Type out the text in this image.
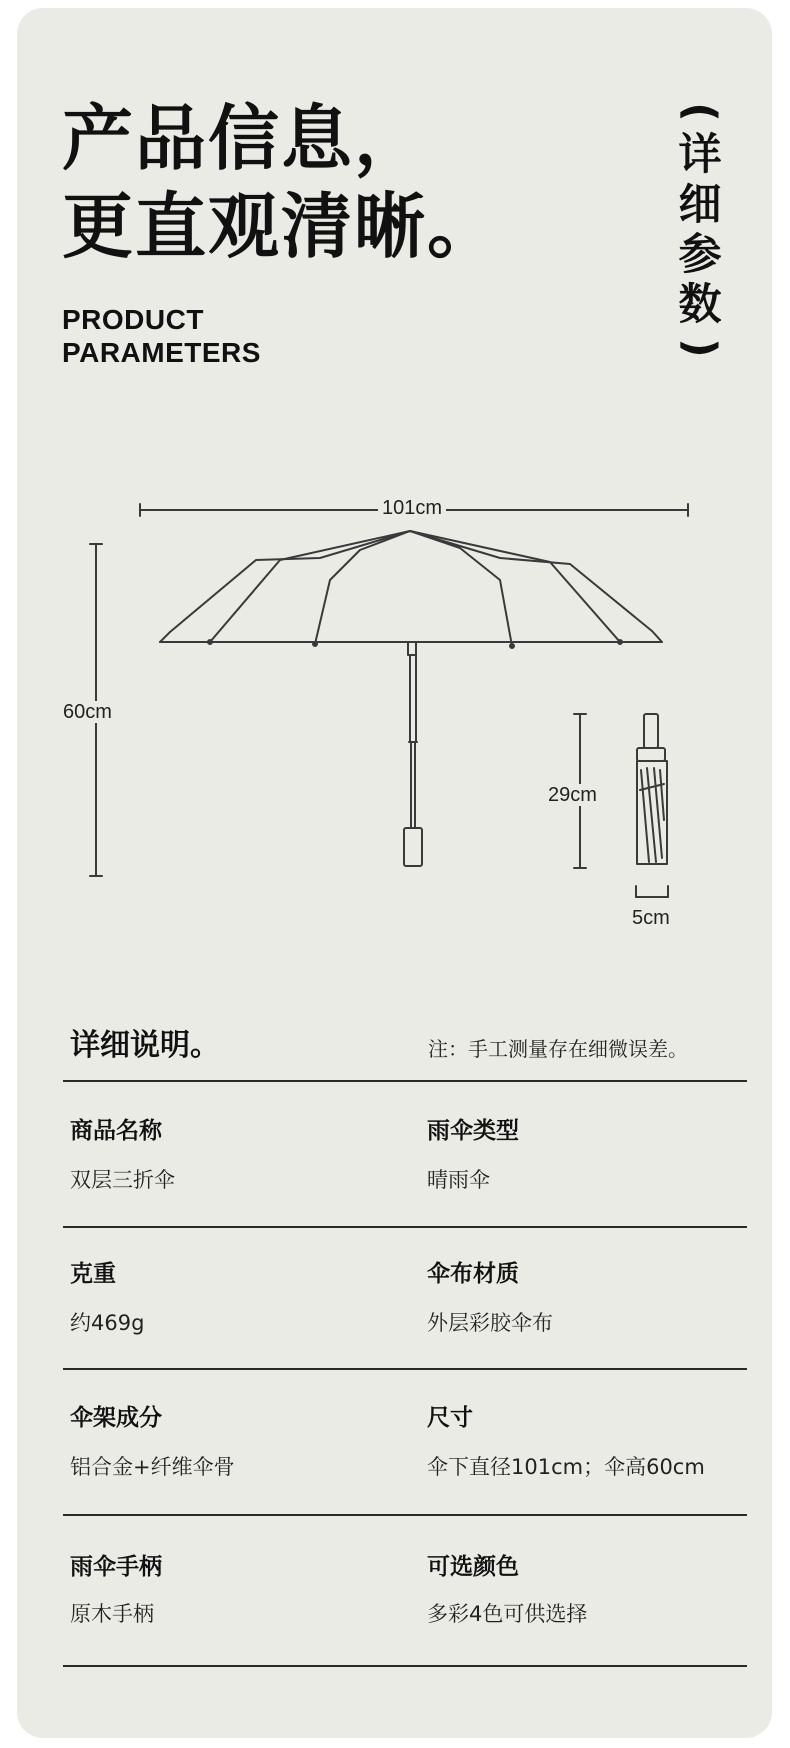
产品信息，
更直观清晰。
(
详
细
参
数
)
PRODUCT
PARAMETERS
101cm
60cm
29cm
5cm
详细说明。	注：手工测量存在细微误差。
商品名称
双层三折伞
雨伞类型
晴雨伞
克重
约469g
伞布材质
外层彩胶伞布
伞架成分
铝合金+纤维伞骨
尺寸
伞下直径101cm；伞高60cm
雨伞手柄
原木手柄
可选颜色
多彩4色可供选择
